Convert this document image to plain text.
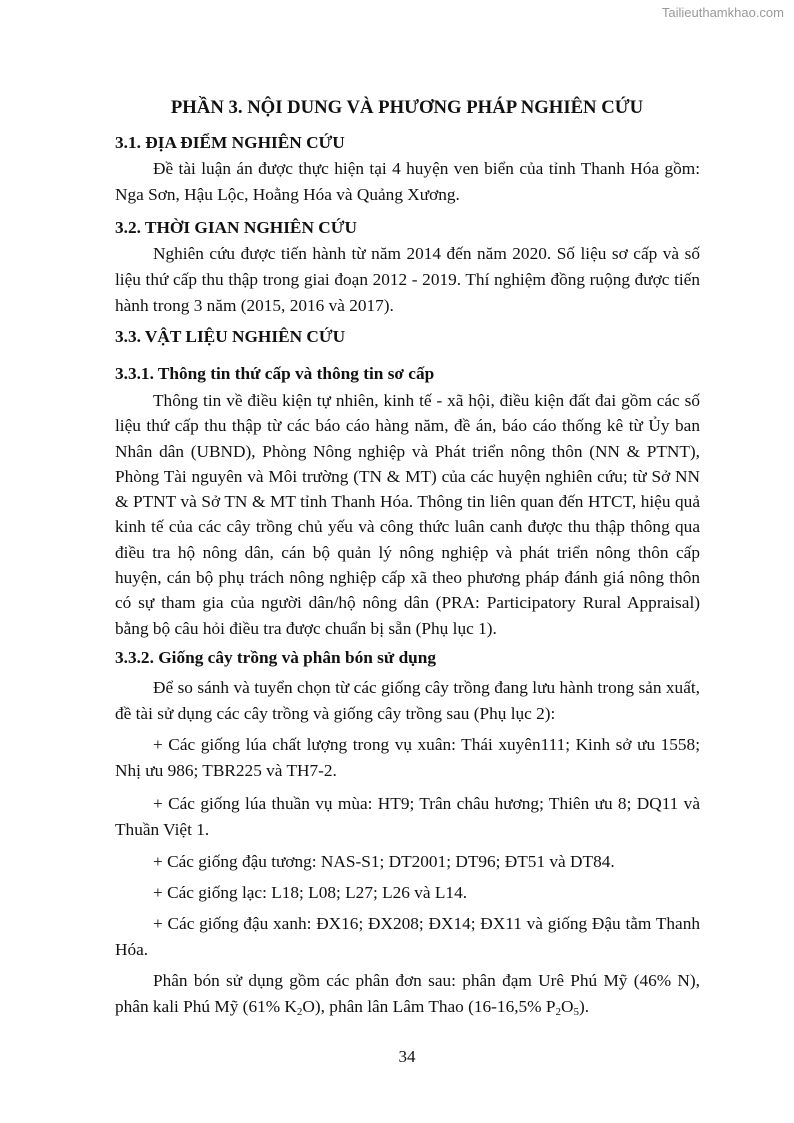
Tailieuthamkhao.com
PHẦN 3. NỘI DUNG VÀ PHƯƠNG PHÁP NGHIÊN CỨU
3.1. ĐỊA ĐIỂM NGHIÊN CỨU
Đề tài luận án được thực hiện tại 4 huyện ven biển của tỉnh Thanh Hóa gồm: Nga Sơn, Hậu Lộc, Hoằng Hóa và Quảng Xương.
3.2. THỜI GIAN NGHIÊN CỨU
Nghiên cứu được tiến hành từ năm 2014 đến năm 2020. Số liệu sơ cấp và số liệu thứ cấp thu thập trong giai đoạn 2012 - 2019. Thí nghiệm đồng ruộng được tiến hành trong 3 năm (2015, 2016 và 2017).
3.3. VẬT LIỆU NGHIÊN CỨU
3.3.1. Thông tin thứ cấp và thông tin sơ cấp
Thông tin về điều kiện tự nhiên, kinh tế - xã hội, điều kiện đất đai gồm các số liệu thứ cấp thu thập từ các báo cáo hàng năm, đề án, báo cáo thống kê từ Ủy ban Nhân dân (UBND), Phòng Nông nghiệp và Phát triển nông thôn (NN & PTNT), Phòng Tài nguyên và Môi trường (TN & MT) của các huyện nghiên cứu; từ Sở NN & PTNT và Sở TN & MT tỉnh Thanh Hóa. Thông tin liên quan đến HTCT, hiệu quả kinh tế của các cây trồng chủ yếu và công thức luân canh được thu thập thông qua điều tra hộ nông dân, cán bộ quản lý nông nghiệp và phát triển nông thôn cấp huyện, cán bộ phụ trách nông nghiệp cấp xã theo phương pháp đánh giá nông thôn có sự tham gia của người dân/hộ nông dân (PRA: Participatory Rural Appraisal) bằng bộ câu hỏi điều tra được chuẩn bị sẵn (Phụ lục 1).
3.3.2. Giống cây trồng và phân bón sử dụng
Để so sánh và tuyển chọn từ các giống cây trồng đang lưu hành trong sản xuất, đề tài sử dụng các cây trồng và giống cây trồng sau (Phụ lục 2):
+ Các giống lúa chất lượng trong vụ xuân: Thái xuyên111; Kinh sở ưu 1558; Nhị ưu 986; TBR225 và TH7-2.
+ Các giống lúa thuần vụ mùa: HT9; Trân châu hương; Thiên ưu 8; DQ11 và Thuần Việt 1.
+ Các giống đậu tương: NAS-S1; DT2001; DT96; ĐT51 và DT84.
+ Các giống lạc: L18; L08; L27; L26 và L14.
+ Các giống đậu xanh: ĐX16; ĐX208; ĐX14; ĐX11 và giống Đậu tằm Thanh Hóa.
Phân bón sử dụng gồm các phân đơn sau: phân đạm Urê Phú Mỹ (46% N), phân kali Phú Mỹ (61% $K_2O$), phân lân Lâm Thao (16-16,5% $P_2O_5$).
34
